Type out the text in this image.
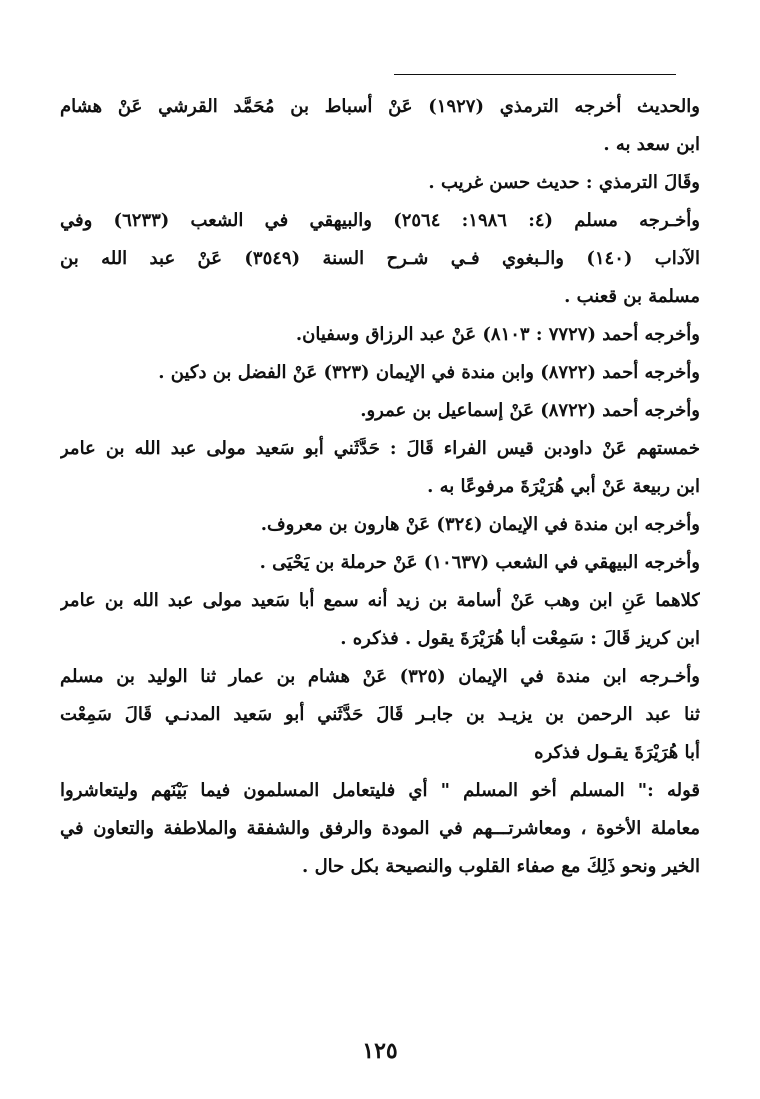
والحديث أخرجه الترمذي (١٩٢٧) عَنْ أسباط بن مُحَمَّد القرشي عَنْ هشام
ابن سعد به .
وقَالَ الترمذي : حديث حسن غريب .
وأخـرجه مسلم (٤: ١٩٨٦: ٢٥٦٤) والبيهقي في الشعب (٦٢٣٣) وفي
الآداب (١٤٠) والـبغوي فـي شـرح السنة (٣٥٤٩) عَنْ عبد الله بن
مسلمة بن قعنب .
وأخرجه أحمد (٧٧٢٧ : ٨١٠٣) عَنْ عبد الرزاق وسفيان.
وأخرجه أحمد (٨٧٢٢) وابن مندة في الإيمان (٣٢٣) عَنْ الفضل بن دكين .
وأخرجه أحمد (٨٧٢٢) عَنْ إسماعيل بن عمرو.
خمستهم عَنْ داودبن قيس الفراء قَالَ : حَدَّثَني أبو سَعيد مولى عبد الله بن عامر
ابن ربيعة عَنْ أبي هُرَيْرَةَ مرفوعًا به .
وأخرجه ابن مندة في الإيمان (٣٢٤) عَنْ هارون بن معروف.
وأخرجه البيهقي في الشعب (١٠٦٣٧) عَنْ حرملة بن يَحْيَى .
كلاهما عَنِ ابن وهب عَنْ أسامة بن زيد أنه سمع أبا سَعيد مولى عبد الله بن عامر
ابن كريز قَالَ : سَمِعْت أبا هُرَيْرَةَ يقول . فذكره .
وأخـرجه ابن مندة في الإيمان (٣٢٥) عَنْ هشام بن عمار ثنا الوليد بن مسلم
ثنا عبد الرحمن بن يزيـد بن جابـر قَالَ حَدَّثَني أبو سَعيد المدنـي قَالَ سَمِعْت
أبا هُرَيْرَةَ يقـول فذكره
قوله :" المسلم أخو المسلم " أي فليتعامل المسلمون فيما بَيْنَهم وليتعاشروا
معاملة الأخوة ، ومعاشرتـــهم في المودة والرفق والشفقة والملاطفة والتعاون في
الخير ونحو ذَلِكَ مع صفاء القلوب والنصيحة بكل حال .
١٢٥
